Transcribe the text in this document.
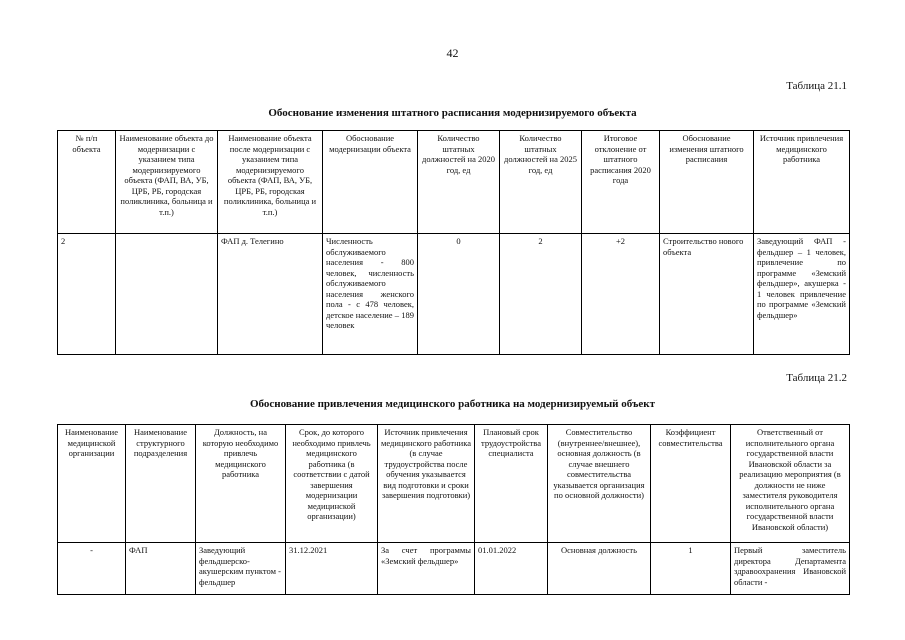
42
Таблица 21.1
Обоснование изменения штатного расписания модернизируемого объекта
№ п/п объекта	Наименование объекта до модернизации с указанием типа модернизируемого объекта (ФАП, ВА, УБ, ЦРБ, РБ, городская поликлиника, больница и т.п.)	Наименование объекта после модернизации с указанием типа модернизируемого объекта (ФАП, ВА, УБ, ЦРБ, РБ, городская поликлиника, больница и т.п.)	Обоснование модернизации объекта	Количество штатных должностей на 2020 год, ед	Количество штатных должностей на 2025 год, ед	Итоговое отклонение от штатного расписания 2020 года	Обоснование изменения штатного расписания	Источник привлечения медицинского работника
2		ФАП д. Телегино	Численность обслуживаемого населения - 800 человек, численность обслуживаемого населения женского пола - с 478 человек, детское население – 189 человек	0	2	+2	Строительство нового объекта	Заведующий ФАП - фельдшер – 1 человек, привлечение по программе «Земский фельдшер», акушерка - 1 человек привлечение по программе «Земский фельдшер»
Таблица 21.2
Обоснование привлечения медицинского работника на модернизируемый объект
Наименование медицинской организации	Наименование структурного подразделения	Должность, на которую необходимо привлечь медицинского работника	Срок, до которого необходимо привлечь медицинского работника (в соответствии с датой завершения модернизации медицинской организации)	Источник привлечения медицинского работника (в случае трудоустройства после обучения указывается вид подготовки и сроки завершения подготовки)	Плановый срок трудоустройства специалиста	Совместительство (внутреннее/внешнее), основная должность (в случае внешнего совместительства указывается организация по основной должности)	Коэффициент совместительства	Ответственный от исполнительного органа государственной власти Ивановской области за реализацию мероприятия (в должности не ниже заместителя руководителя исполнительного органа государственной власти Ивановской области)
-	ФАП	Заведующий фельдшерско-акушерским пунктом - фельдшер	31.12.2021	За счет программы «Земский фельдшер»	01.01.2022	Основная должность	1	Первый заместитель директора Департамента здравоохранения Ивановской области -
